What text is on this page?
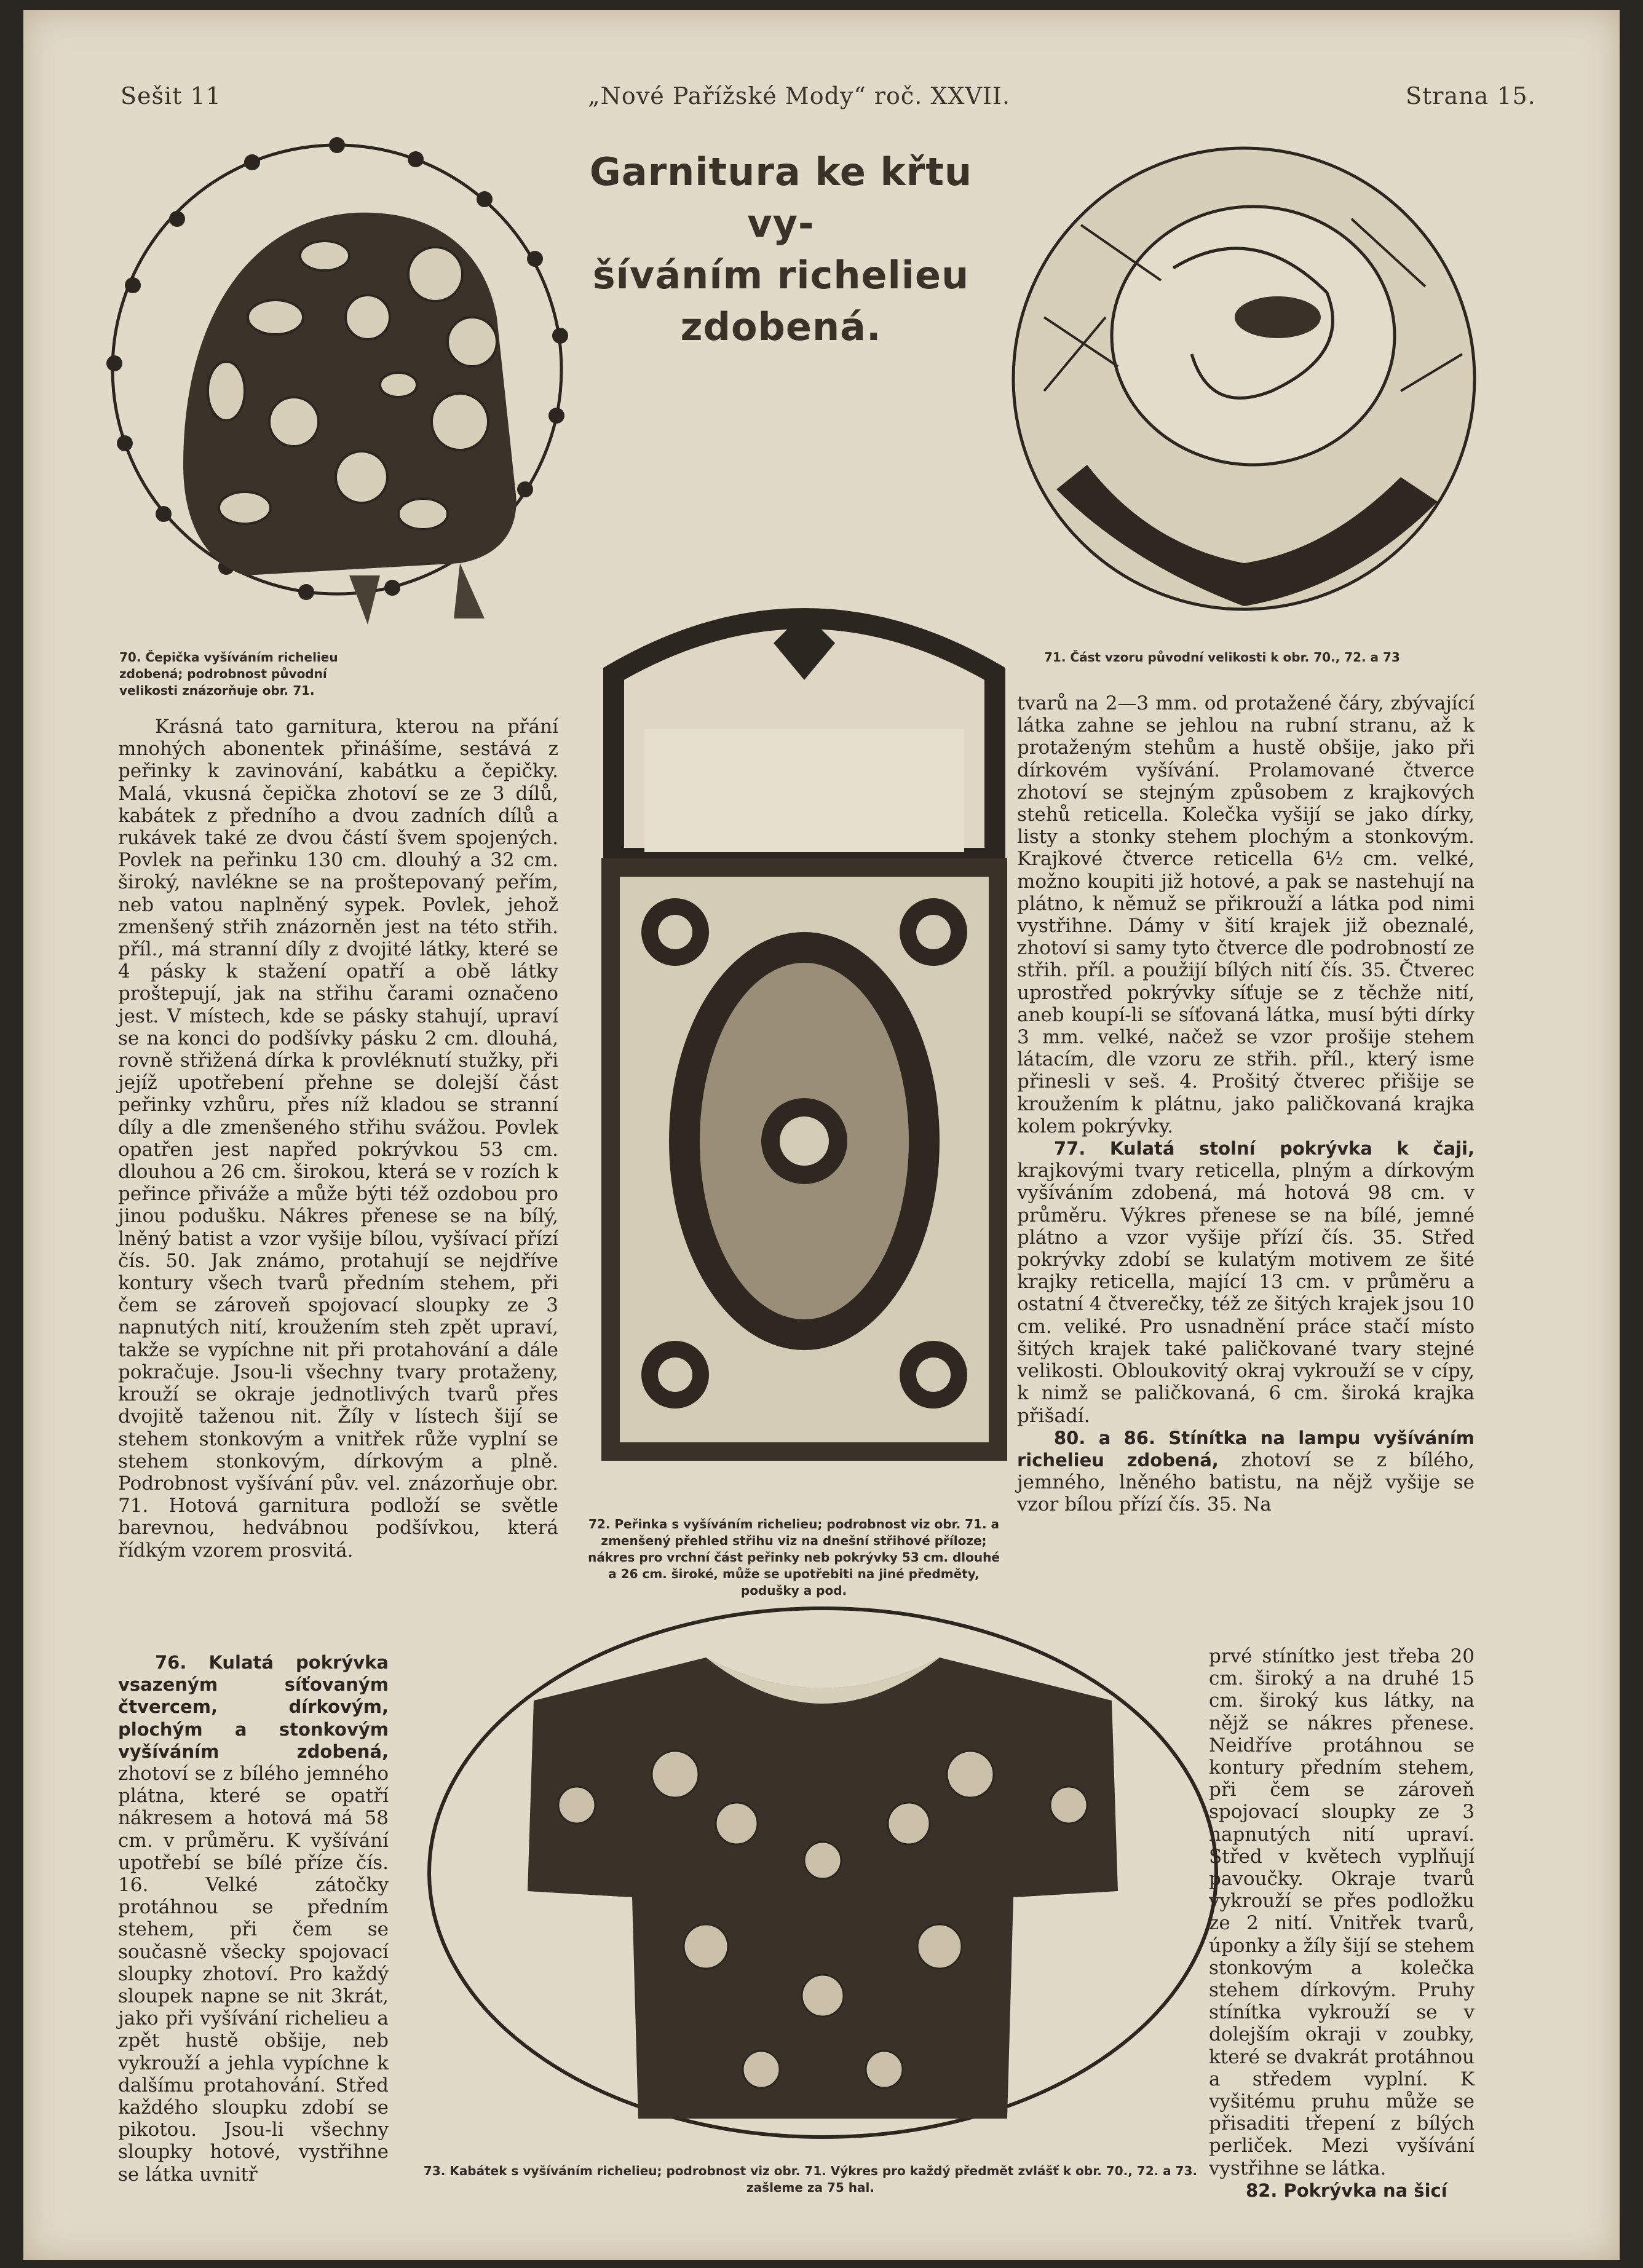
Sešit 11	„Nové Pařížské Mody“ roč. XXVII.	Strana 15.
Garnitura ke křtu vy-
šíváním richelieu
zdobená.
70. Čepička vyšíváním richelieu zdobená; podrobnost původní velikosti znázorňuje obr. 71.
71. Část vzoru původní velikosti k obr. 70., 72. a 73
72. Peřinka s vyšíváním richelieu; podrobnost viz obr. 71. a zmenšený přehled střihu viz na dnešní střihové příloze; nákres pro vrchní část peřinky neb pokrývky 53 cm. dlouhé a 26 cm. široké, může se upotřebiti na jiné předměty, podušky a pod.
73. Kabátek s vyšíváním richelieu; podrobnost viz obr. 71. Výkres pro každý předmět zvlášť k obr. 70., 72. a 73. zašleme za 75 hal.

Krásná tato garnitura, kterou na přání mnohých abonentek přinášíme, sestává z peřinky k zavinování, kabátku a čepičky. Malá, vkusná čepička zhotoví se ze 3 dílů, kabátek z předního a dvou zadních dílů a rukávek také ze dvou částí švem spojených. Povlek na peřinku 130 cm. dlouhý a 32 cm. široký, navlékne se na proštepovaný peřím, neb vatou naplněný sypek. Povlek, jehož zmenšený střih znázorněn jest na této střih. příl., má stranní díly z dvojité látky, které se 4 pásky k stažení opatří a obě látky proštepují, jak na střihu čarami označeno jest. V místech, kde se pásky stahují, upraví se na konci do podšívky pásku 2 cm. dlouhá, rovně střižená dírka k provléknutí stužky, při jejíž upotřebení přehne se dolejší část peřinky vzhůru, přes níž kladou se stranní díly a dle zmenšeného střihu svážou. Povlek opatřen jest napřed pokrývkou 53 cm. dlouhou a 26 cm. širokou, která se v rozích k peřince přiváže a může býti též ozdobou pro jinou podušku. Nákres přenese se na bílý, lněný batist a vzor vyšije bílou, vyšívací přízí čís. 50. Jak známo, protahují se nejdříve kontury všech tvarů předním stehem, při čem se zároveň spojovací sloupky ze 3 napnutých nití, kroužením steh zpět upraví, takže se vypíchne nit při protahování a dále pokračuje. Jsou-li všechny tvary protaženy, krouží se okraje jednotlivých tvarů přes dvojitě taženou nit. Žíly v lístech šijí se stehem stonkovým a vnitřek růže vyplní se stehem stonkovým, dírkovým a plně. Podrobnost vyšívání pův. vel. znázorňuje obr. 71. Hotová garnitura podloží se světle barevnou, hedvábnou podšívkou, která řídkým vzorem prosvitá.

76. Kulatá pokrývka vsazeným síťovaným čtvercem, dírkovým, plochým a stonkovým vyšíváním zdobená, zhotoví se z bílého jemného plátna, které se opatří nákresem a hotová má 58 cm. v průměru. K vyšívání upotřebí se bílé příze čís. 16. Velké zátočky protáhnou se předním stehem, při čem se současně všecky spojovací sloupky zhotoví. Pro každý sloupek napne se nit 3krát, jako při vyšívání richelieu a zpět hustě obšije, neb vykrouží a jehla vypíchne k dalšímu protahování. Střed každého sloupku zdobí se pikotou. Jsou-li všechny sloupky hotové, vystřihne se látka uvnitř

tvarů na 2—3 mm. od protažené čáry, zbývající látka zahne se jehlou na rubní stranu, až k protaženým stehům a hustě obšije, jako při dírkovém vyšívání. Prolamované čtverce zhotoví se stejným způsobem z krajkových stehů reticella. Kolečka vyšijí se jako dírky, listy a stonky stehem plochým a stonkovým. Krajkové čtverce reticella 6½ cm. velké, možno koupiti již hotové, a pak se nastehují na plátno, k němuž se přikrouží a látka pod nimi vystřihne. Dámy v šití krajek již obeznalé, zhotoví si samy tyto čtverce dle podrobností ze střih. příl. a použijí bílých nití čís. 35. Čtverec uprostřed pokrývky síťuje se z těchže nití, aneb koupí-li se síťovaná látka, musí býti dírky 3 mm. velké, načež se vzor prošije stehem látacím, dle vzoru ze střih. příl., který isme přinesli v seš. 4. Prošitý čtverec přišije se kroužením k plátnu, jako paličkovaná krajka kolem pokrývky.

77. Kulatá stolní pokrývka k čaji, krajkovými tvary reticella, plným a dírkovým vyšíváním zdobená, má hotová 98 cm. v průměru. Výkres přenese se na bílé, jemné plátno a vzor vyšije přízí čís. 35. Střed pokrývky zdobí se kulatým motivem ze šité krajky reticella, mající 13 cm. v průměru a ostatní 4 čtverečky, též ze šitých krajek jsou 10 cm. veliké. Pro usnadnění práce stačí místo šitých krajek také paličkované tvary stejné velikosti. Obloukovitý okraj vykrouží se v cípy, k nimž se paličkovaná, 6 cm. široká krajka přišadí.

80. a 86. Stínítka na lampu vyšíváním richelieu zdobená, zhotoví se z bílého, jemného, lněného batistu, na nějž vyšije se vzor bílou přízí čís. 35. Na

prvé stínítko jest třeba 20 cm. široký a na druhé 15 cm. široký kus látky, na nějž se nákres přenese. Neidříve protáhnou se kontury předním stehem, při čem se zároveň spojovací sloupky ze 3 napnutých nití upraví. Střed v květech vyplňují pavoučky. Okraje tvarů vykrouží se přes podložku ze 2 nití. Vnitřek tvarů, úponky a žíly šijí se stehem stonkovým a kolečka stehem dírkovým. Pruhy stínítka vykrouží se v dolejším okraji v zoubky, které se dvakrát protáhnou a středem vyplní. K vyšitému pruhu může se přisaditi třepení z bílých perliček. Mezi vyšívání vystřihne se látka.

82. Pokrývka na šicí
